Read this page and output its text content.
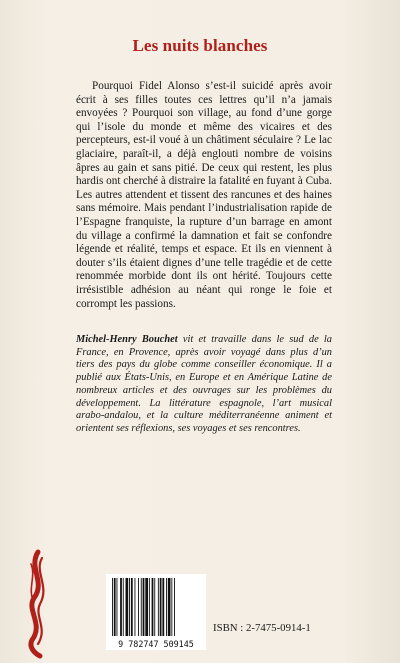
Les nuits blanches

Pourquoi Fidel Alonso s’est-il suicidé après avoir écrit à ses filles toutes ces lettres qu’il n’a jamais envoyées ? Pourquoi son village, au fond d’une gorge qui l’isole du monde et même des vicaires et des percepteurs, est-il voué à un châtiment séculaire ? Le lac glaciaire, paraît-il, a déjà englouti nombre de voisins âpres au gain et sans pitié. De ceux qui restent, les plus hardis ont cherché à distraire la fatalité en fuyant à Cuba. Les autres attendent et tissent des rancunes et des haines sans mémoire. Mais pendant l’industrialisation rapide de l’Espagne franquiste, la rupture d’un barrage en amont du village a confirmé la damnation et fait se confondre légende et réalité, temps et espace. Et ils en viennent à douter s’ils étaient dignes d’une telle tragédie et de cette renommée morbide dont ils ont hérité. Toujours cette irrésistible adhésion au néant qui ronge le foie et corrompt les passions.

Michel-Henry Bouchet vit et travaille dans le sud de la France, en Provence, après avoir voyagé dans plus d’un tiers des pays du globe comme conseiller économique. Il a publié aux États-Unis, en Europe et en Amérique Latine de nombreux articles et des ouvrages sur les problèmes du développement. La littérature espagnole, l’art musical arabo-andalou, et la culture méditerranéenne animent et orientent ses réflexions, ses voyages et ses rencontres.

9 782747 509145
ISBN : 2-7475-0914-1
